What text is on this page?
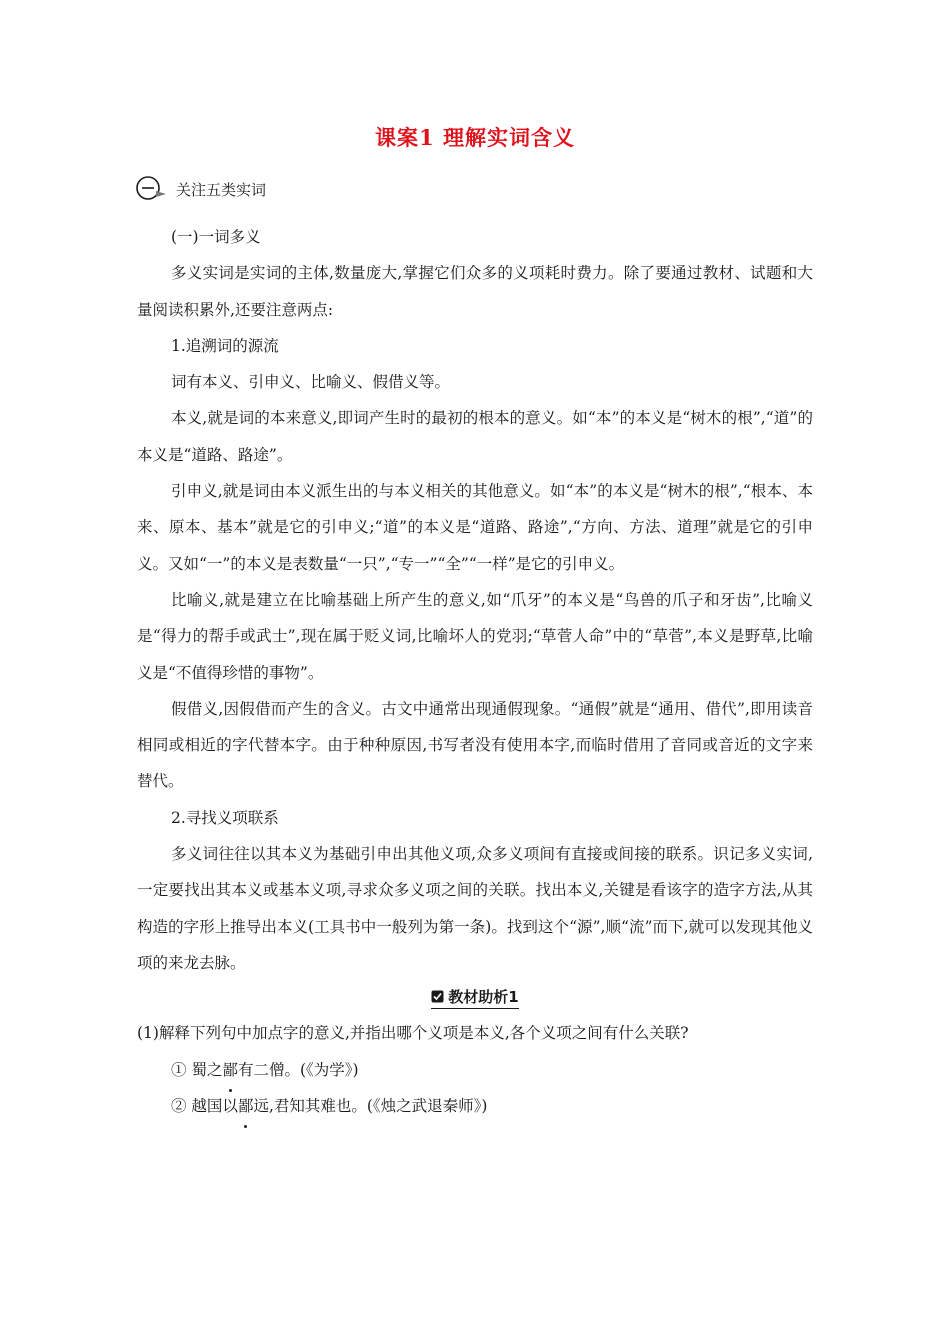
课案1 理解实词含义
关注五类实词

(一)一词多义

多义实词是实词的主体,数量庞大,掌握它们众多的义项耗时费力。除了要通过教材、试题和大量阅读积累外,还要注意两点:

1.追溯词的源流

词有本义、引申义、比喻义、假借义等。

本义,就是词的本来意义,即词产生时的最初的根本的意义。如“本”的本义是“树木的根”,“道”的本义是“道路、路途”。

引申义,就是词由本义派生出的与本义相关的其他意义。如“本”的本义是“树木的根”,“根本、本来、原本、基本”就是它的引申义;“道”的本义是“道路、路途”,“方向、方法、道理”就是它的引申义。又如“一”的本义是表数量“一只”,“专一”“全”“一样”是它的引申义。

比喻义,就是建立在比喻基础上所产生的意义,如“爪牙”的本义是“鸟兽的爪子和牙齿”,比喻义是“得力的帮手或武士”,现在属于贬义词,比喻坏人的党羽;“草菅人命”中的“草菅”,本义是野草,比喻义是“不值得珍惜的事物”。

假借义,因假借而产生的含义。古文中通常出现通假现象。“通假”就是“通用、借代”,即用读音相同或相近的字代替本字。由于种种原因,书写者没有使用本字,而临时借用了音同或音近的文字来替代。

2.寻找义项联系

多义词往往以其本义为基础引申出其他义项,众多义项间有直接或间接的联系。识记多义实词,一定要找出其本义或基本义项,寻求众多义项之间的关联。找出本义,关键是看该字的造字方法,从其构造的字形上推导出本义(工具书中一般列为第一条)。找到这个“源”,顺“流”而下,就可以发现其他义项的来龙去脉。

教材助析1

(1)解释下列句中加点字的意义,并指出哪个义项是本义,各个义项之间有什么关联?

① 蜀之鄙有二僧。(《为学》)

② 越国以鄙远,君知其难也。(《烛之武退秦师》)
